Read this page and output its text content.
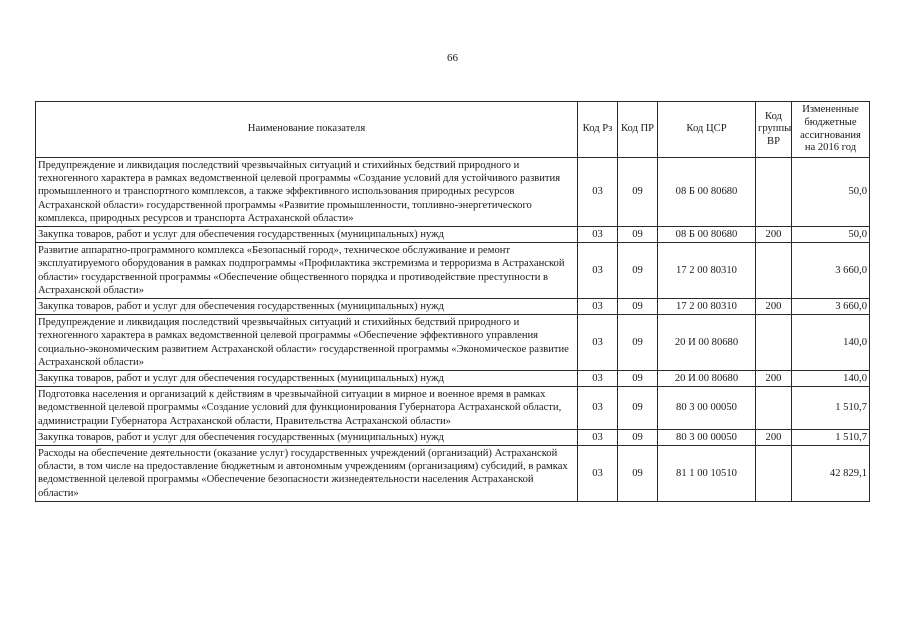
66
Наименование показателя	Код Рз	Код ПР	Код ЦСР	Код группы ВР	Измененные бюджетные ассигнования на 2016 год
Предупреждение и ликвидация последствий чрезвычайных ситуаций и стихийных бедствий природного и техногенного характера в рамках ведомственной целевой программы «Создание условий для устойчивого развития промышленного и транспортного комплексов, а также эффективного использования природных ресурсов Астраханской области» государственной программы «Развитие промышленности, топливно-энергетического комплекса, природных ресурсов и транспорта Астраханской области»	03	09	08 Б 00 80680		50,0
Закупка товаров, работ и услуг для обеспечения государственных (муниципальных) нужд	03	09	08 Б 00 80680	200	50,0
Развитие аппаратно-программного комплекса «Безопасный город», техническое обслуживание и ремонт эксплуатируемого оборудования в рамках подпрограммы «Профилактика экстремизма и терроризма в Астраханской области» государственной программы «Обеспечение общественного порядка и противодействие преступности в Астраханской области»	03	09	17 2 00 80310		3 660,0
Закупка товаров, работ и услуг для обеспечения государственных (муниципальных) нужд	03	09	17 2 00 80310	200	3 660,0
Предупреждение и ликвидация последствий чрезвычайных ситуаций и стихийных бедствий природного и техногенного характера в рамках ведомственной целевой программы «Обеспечение эффективного управления социально-экономическим развитием Астраханской области» государственной программы «Экономическое развитие Астраханской области»	03	09	20 И 00 80680		140,0
Закупка товаров, работ и услуг для обеспечения государственных (муниципальных) нужд	03	09	20 И 00 80680	200	140,0
Подготовка населения и организаций к действиям в чрезвычайной ситуации в мирное и военное время в рамках ведомственной целевой программы «Создание условий для функционирования Губернатора Астраханской области, администрации Губернатора Астраханской области, Правительства Астраханской области»	03	09	80 3 00 00050		1 510,7
Закупка товаров, работ и услуг для обеспечения государственных (муниципальных) нужд	03	09	80 3 00 00050	200	1 510,7
Расходы на обеспечение деятельности (оказание услуг) государственных учреждений (организаций) Астраханской области, в том числе на предоставление бюджетным и автономным учреждениям (организациям) субсидий, в рамках ведомственной целевой программы «Обеспечение безопасности жизнедеятельности населения Астраханской области»	03	09	81 1 00 10510		42 829,1
